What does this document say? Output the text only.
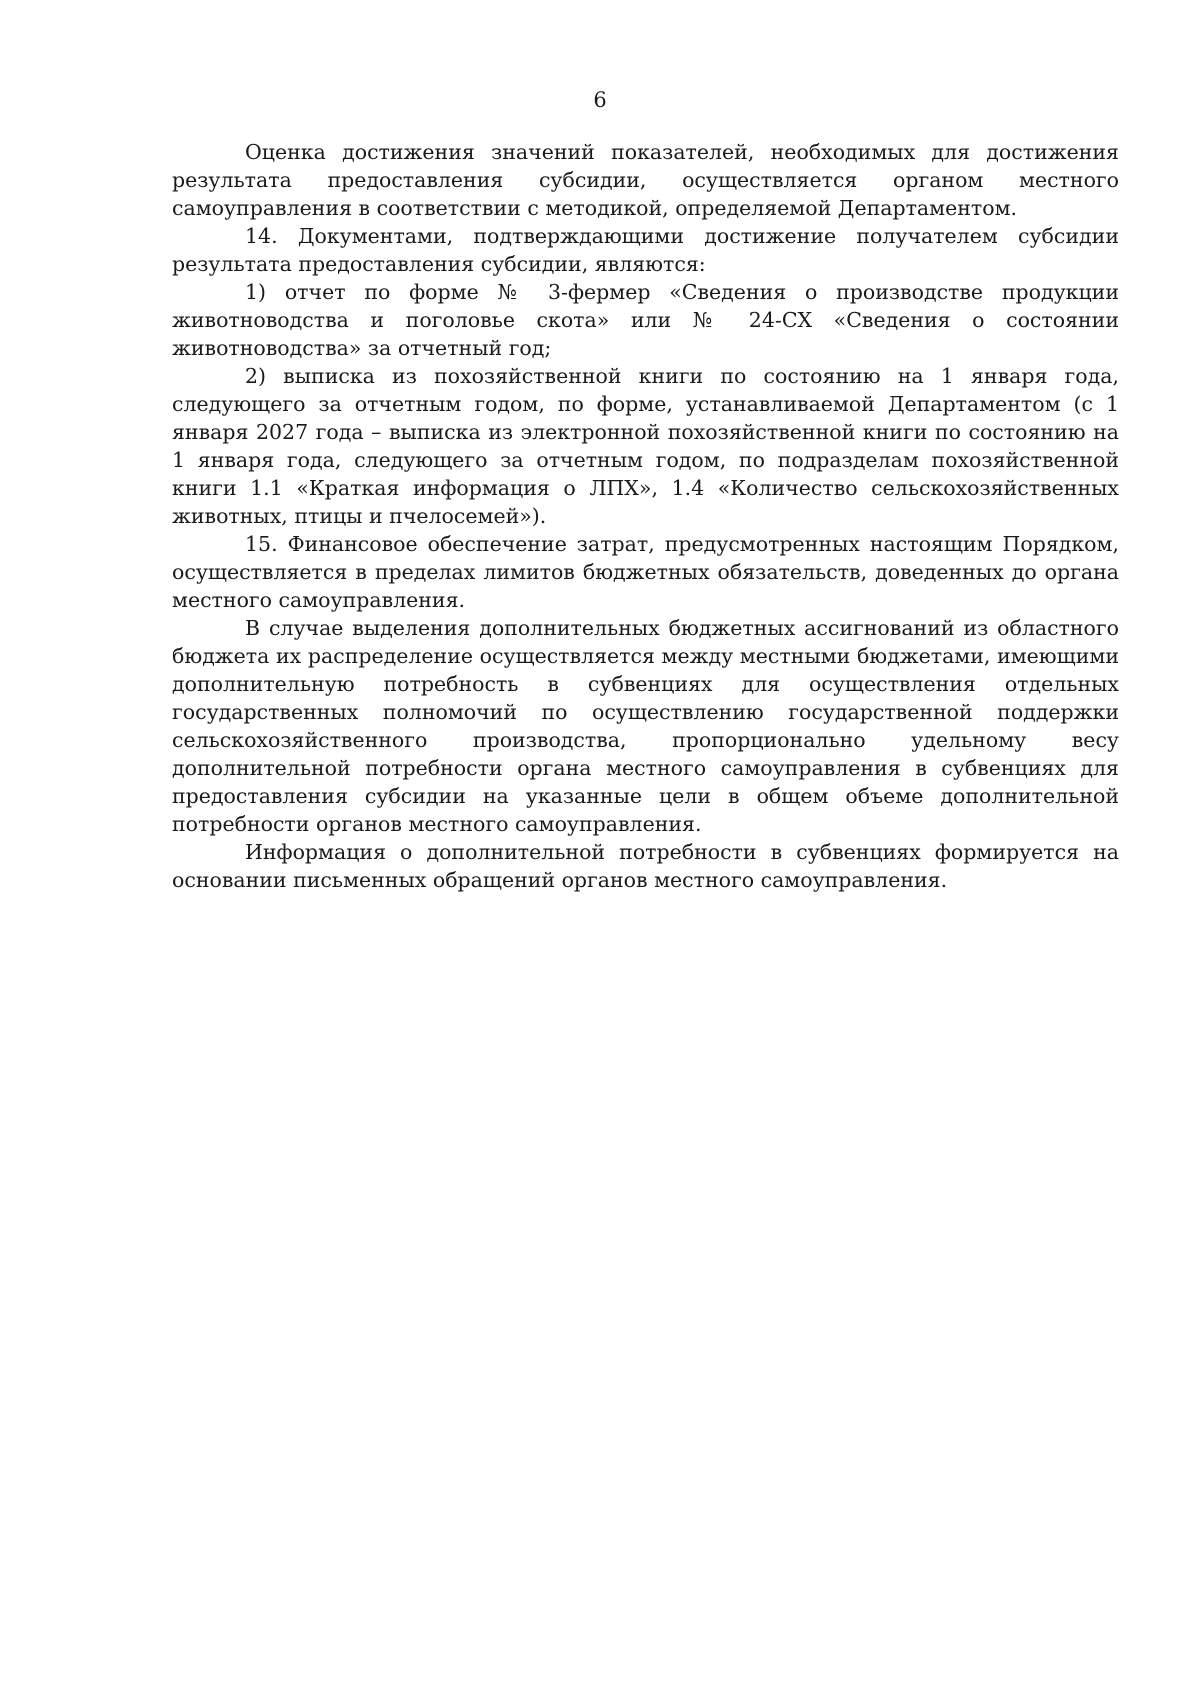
6

Оценка достижения значений показателей, необходимых для достижения результата предоставления субсидии, осуществляется органом местного самоуправления в соответствии с методикой, определяемой Департаментом.

14. Документами, подтверждающими достижение получателем субсидии результата предоставления субсидии, являются:

1) отчет по форме № 3-фермер «Сведения о производстве продукции животноводства и поголовье скота» или № 24-СХ «Сведения о состоянии животноводства» за отчетный год;

2) выписка из похозяйственной книги по состоянию на 1 января года, следующего за отчетным годом, по форме, устанавливаемой Департаментом (с 1 января 2027 года – выписка из электронной похозяйственной книги по состоянию на 1 января года, следующего за отчетным годом, по подразделам похозяйственной книги 1.1 «Краткая информация о ЛПХ», 1.4 «Количество сельскохозяйственных животных, птицы и пчелосемей»).

15. Финансовое обеспечение затрат, предусмотренных настоящим Порядком, осуществляется в пределах лимитов бюджетных обязательств, доведенных до органа местного самоуправления.

В случае выделения дополнительных бюджетных ассигнований из областного бюджета их распределение осуществляется между местными бюджетами, имеющими дополнительную потребность в субвенциях для осуществления отдельных государственных полномочий по осуществлению государственной поддержки сельскохозяйственного производства, пропорционально удельному весу дополнительной потребности органа местного самоуправления в субвенциях для предоставления субсидии на указанные цели в общем объеме дополнительной потребности органов местного самоуправления.

Информация о дополнительной потребности в субвенциях формируется на основании письменных обращений органов местного самоуправления.
